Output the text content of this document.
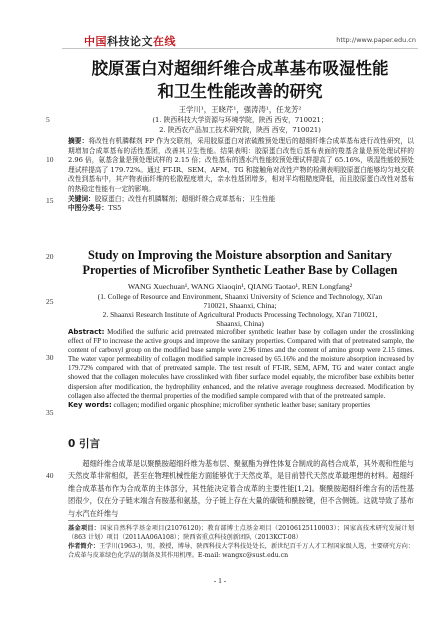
中国科技论文在线	http://www.paper.edu.cn
胶原蛋白对超细纤维合成革基布吸湿性能
和卫生性能改善的研究
王学川¹，王晓芹¹，强涛涛¹，任龙芳²
(1. 陕西科技大学资源与环境学院，陕西 西安，710021；
2. 陕西农产品加工技术研究院，陕西 西安，710021)

摘要：将改性有机膦鞣剂 FP 作为交联剂，采用胶原蛋白对浓硫酸预处理后的超细纤维合成革基布进行改性研究，以期增加合成革基布的活性基团，改善其卫生性能。结果表明：胶原蛋白改性后基布表面的羧基含量是预处理试样的 2.96 倍，氨基含量是预处理试样的 2.15 倍；改性基布的透水汽性能较预处理试样提高了 65.16%，吸湿性能较预处理试样提高了 179.72%。通过 FT-IR、SEM、AFM、TG 和接触角对改性产物的检测表明胶原蛋白能够均匀地交联改性到基布中，其产物表面纤维的松散程度增大，亲水性基团增多，相对平均粗糙度降低，而且胶原蛋白改性对基布的热稳定性能有一定的影响。

关键词：胶原蛋白；改性有机膦鞣剂；超细纤维合成革基布；卫生性能

中图分类号：TS5

5
10
15
20
25
30
35
40
Study on Improving the Moisture absorption and Sanitary
Properties of Microfiber Synthetic Leather Base by Collagen
WANG Xuechuan¹, WANG Xiaoqin¹, QIANG Taotao¹, REN Longfang²
(1. College of Resource and Environment, Shaanxi University of Science and Technology, Xi'an
710021, Shaanxi, China;
2. Shaanxi Research Institute of Agricultural Products Processing Technology, Xi'an 710021,
Shaanxi, China)

Abstract: Modified the sulfuric acid pretreated microfiber synthetic leather base by collagen under the crosslinking effect of FP to increase the active groups and improve the sanitary properties. Compared with that of pretreated sample, the content of carboxyl group on the modified base sample were 2.96 times and the content of amino group were 2.15 times. The water vapor permeability of collagen modified sample increased by 65.16% and the moisture absorption increased by 179.72% compared with that of pretreated sample. The test result of FT-IR, SEM, AFM, TG and water contact angle showed that the collagen molecules have crosslinked with fiber surface model equably, the microfiber base exhibits better dispersion after modification, the hydrophility enhanced, and the relative average roughness decreased. Modification by collagen also affected the thermal properties of the modified sample compared with that of the pretreated sample.

Key words: collagen; modified organic phosphine; microfiber synthetic leather base; sanitary properties

0 引言
超细纤维合成革是以聚酰胺超细纤维为基布层、聚氨酯为弹性体复合制成的高档合成革，其外观和性能与天然皮革非常相似，甚至在物理机械性能方面能够优于天然皮革，是目前替代天然皮革最理想的材料。超细纤维合成革基布作为合成革的主体部分，其性能决定着合成革的主要性能[1,2]。聚酰胺超细纤维含有的活性基团很少，仅在分子链末端含有胺基和氨基，分子链上存在大量的碳链和酰胺键，但不含侧链。这就导致了基布与水汽在纤维与

基金项目：国家自然科学基金项目(21076120)；教育部博士点基金项目（20106125110003）；国家高技术研究发展计划（863 计划）项目（2011AA06A108）；陕西省重点科技创新团队（2013KCT-08）

作者简介：王学川(1963-)，男，教授，博导，陕西科技大学科技处处长，新世纪百千万人才工程国家级人选，主要研究方向：合成革与皮革绿色化学品的制备及其作用机理。E-mail: wangxc@sust.edu.cn

- 1 -
